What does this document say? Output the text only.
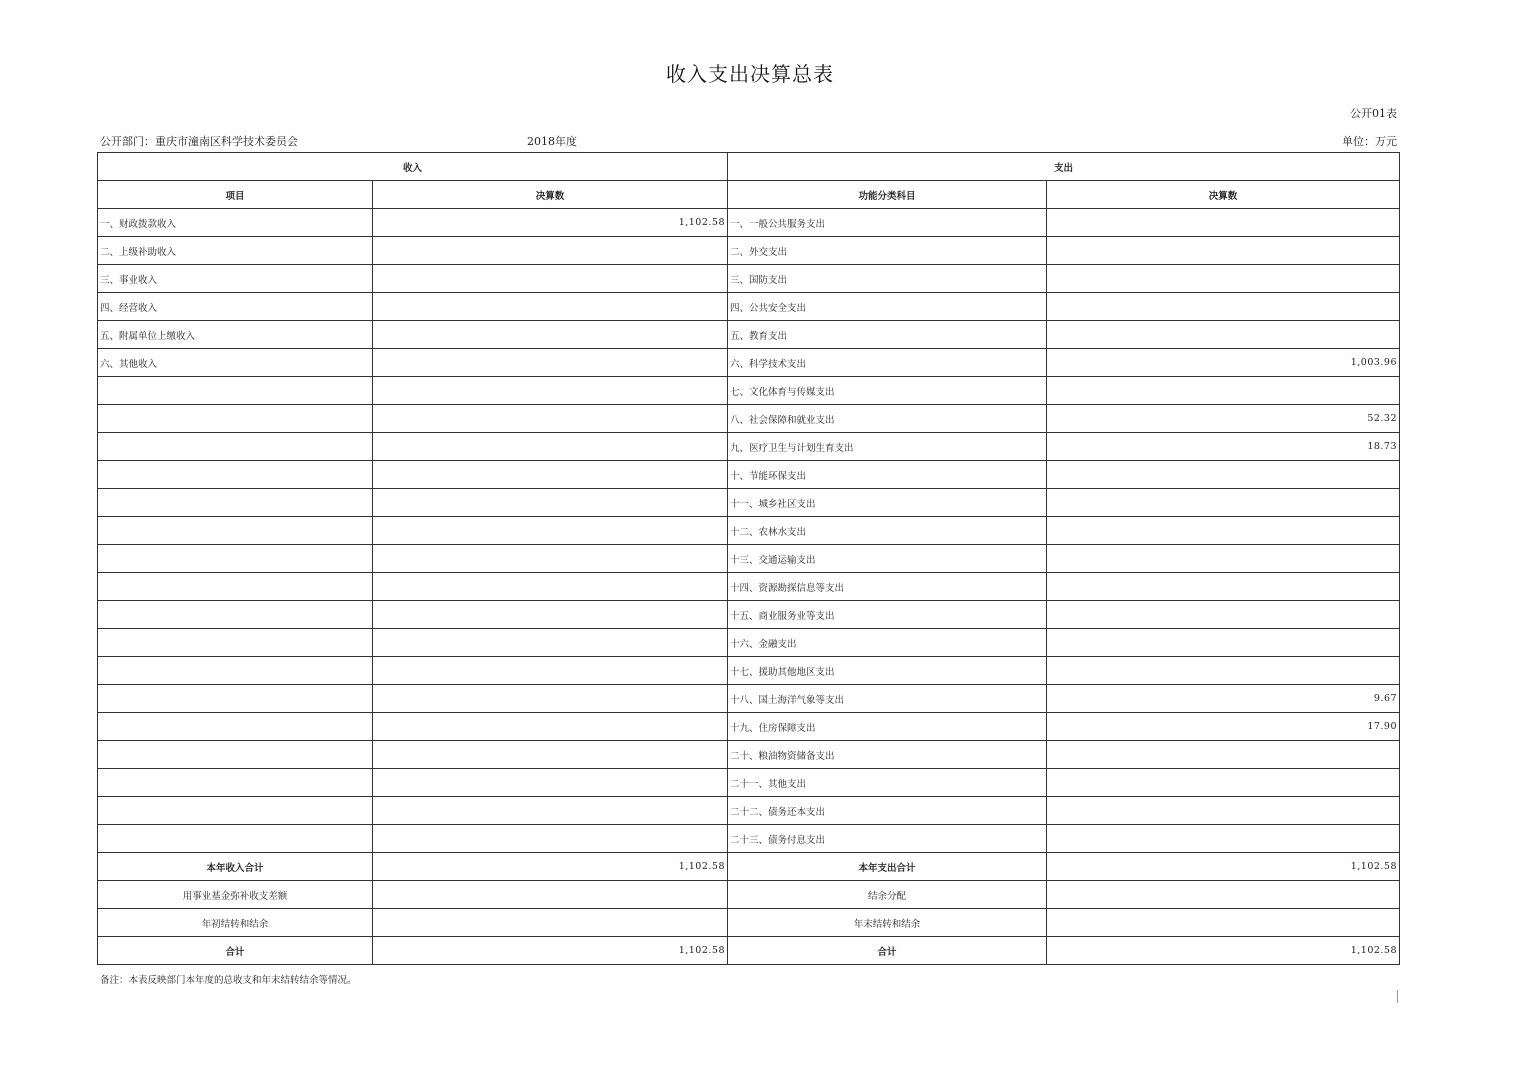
收入支出决算总表
公开01表
公开部门：重庆市潼南区科学技术委员会	2018年度	单位：万元
收入		支出	
项目	决算数	功能分类科目	决算数
一、财政拨款收入	1,102.58	一、一般公共服务支出	
二、上级补助收入		二、外交支出	
三、事业收入		三、国防支出	
四、经营收入		四、公共安全支出	
五、附属单位上缴收入		五、教育支出	
六、其他收入		六、科学技术支出	1,003.96
		七、文化体育与传媒支出	
		八、社会保障和就业支出	52.32
		九、医疗卫生与计划生育支出	18.73
		十、节能环保支出	
		十一、城乡社区支出	
		十二、农林水支出	
		十三、交通运输支出	
		十四、资源勘探信息等支出	
		十五、商业服务业等支出	
		十六、金融支出	
		十七、援助其他地区支出	
		十八、国土海洋气象等支出	9.67
		十九、住房保障支出	17.90
		二十、粮油物资储备支出	
		二十一、其他支出	
		二十二、债务还本支出	
		二十三、债务付息支出	
本年收入合计	1,102.58	本年支出合计	1,102.58
用事业基金弥补收支差额		结余分配	
年初结转和结余		年末结转和结余	
合计	1,102.58	合计	1,102.58
备注：本表反映部门本年度的总收支和年末结转结余等情况。
